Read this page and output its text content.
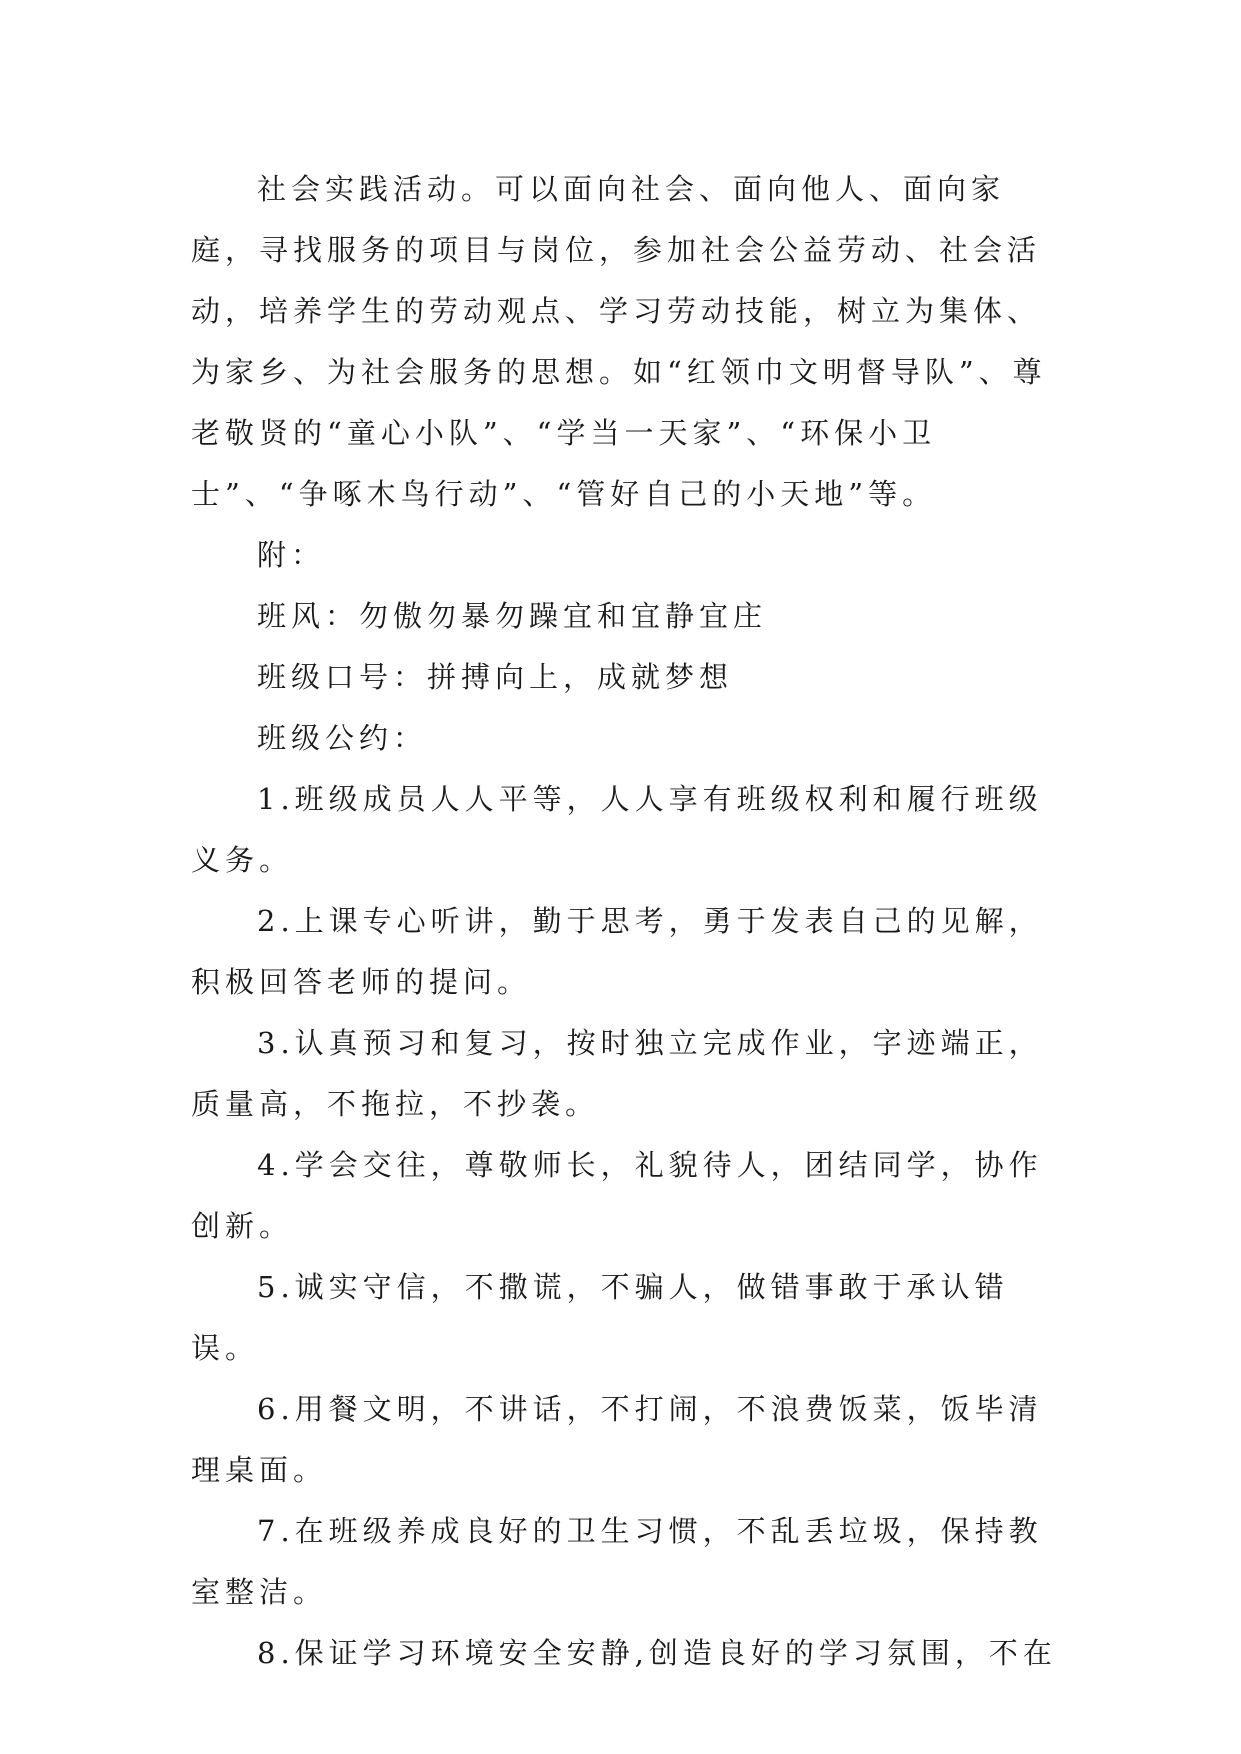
社会实践活动。可以面向社会、面向他人、面向家庭，寻找服务的项目与岗位，参加社会公益劳动、社会活动，培养学生的劳动观点、学习劳动技能，树立为集体、为家乡、为社会服务的思想。如“红领巾文明督导队”、尊老敬贤的“童心小队”、“学当一天家”、“环保小卫士”、“争啄木鸟行动”、“管好自己的小天地”等。

附：

班风：勿傲勿暴勿躁宜和宜静宜庄

班级口号：拼搏向上，成就梦想

班级公约：

1.班级成员人人平等，人人享有班级权利和履行班级义务。

2.上课专心听讲，勤于思考，勇于发表自己的见解，积极回答老师的提问。

3.认真预习和复习，按时独立完成作业，字迹端正，质量高，不拖拉，不抄袭。

4.学会交往，尊敬师长，礼貌待人，团结同学，协作创新。

5.诚实守信，不撒谎，不骗人，做错事敢于承认错误。

6.用餐文明，不讲话，不打闹，不浪费饭菜，饭毕清理桌面。

7.在班级养成良好的卫生习惯，不乱丢垃圾，保持教室整洁。

8.保证学习环境安全安静,创造良好的学习氛围，不在
